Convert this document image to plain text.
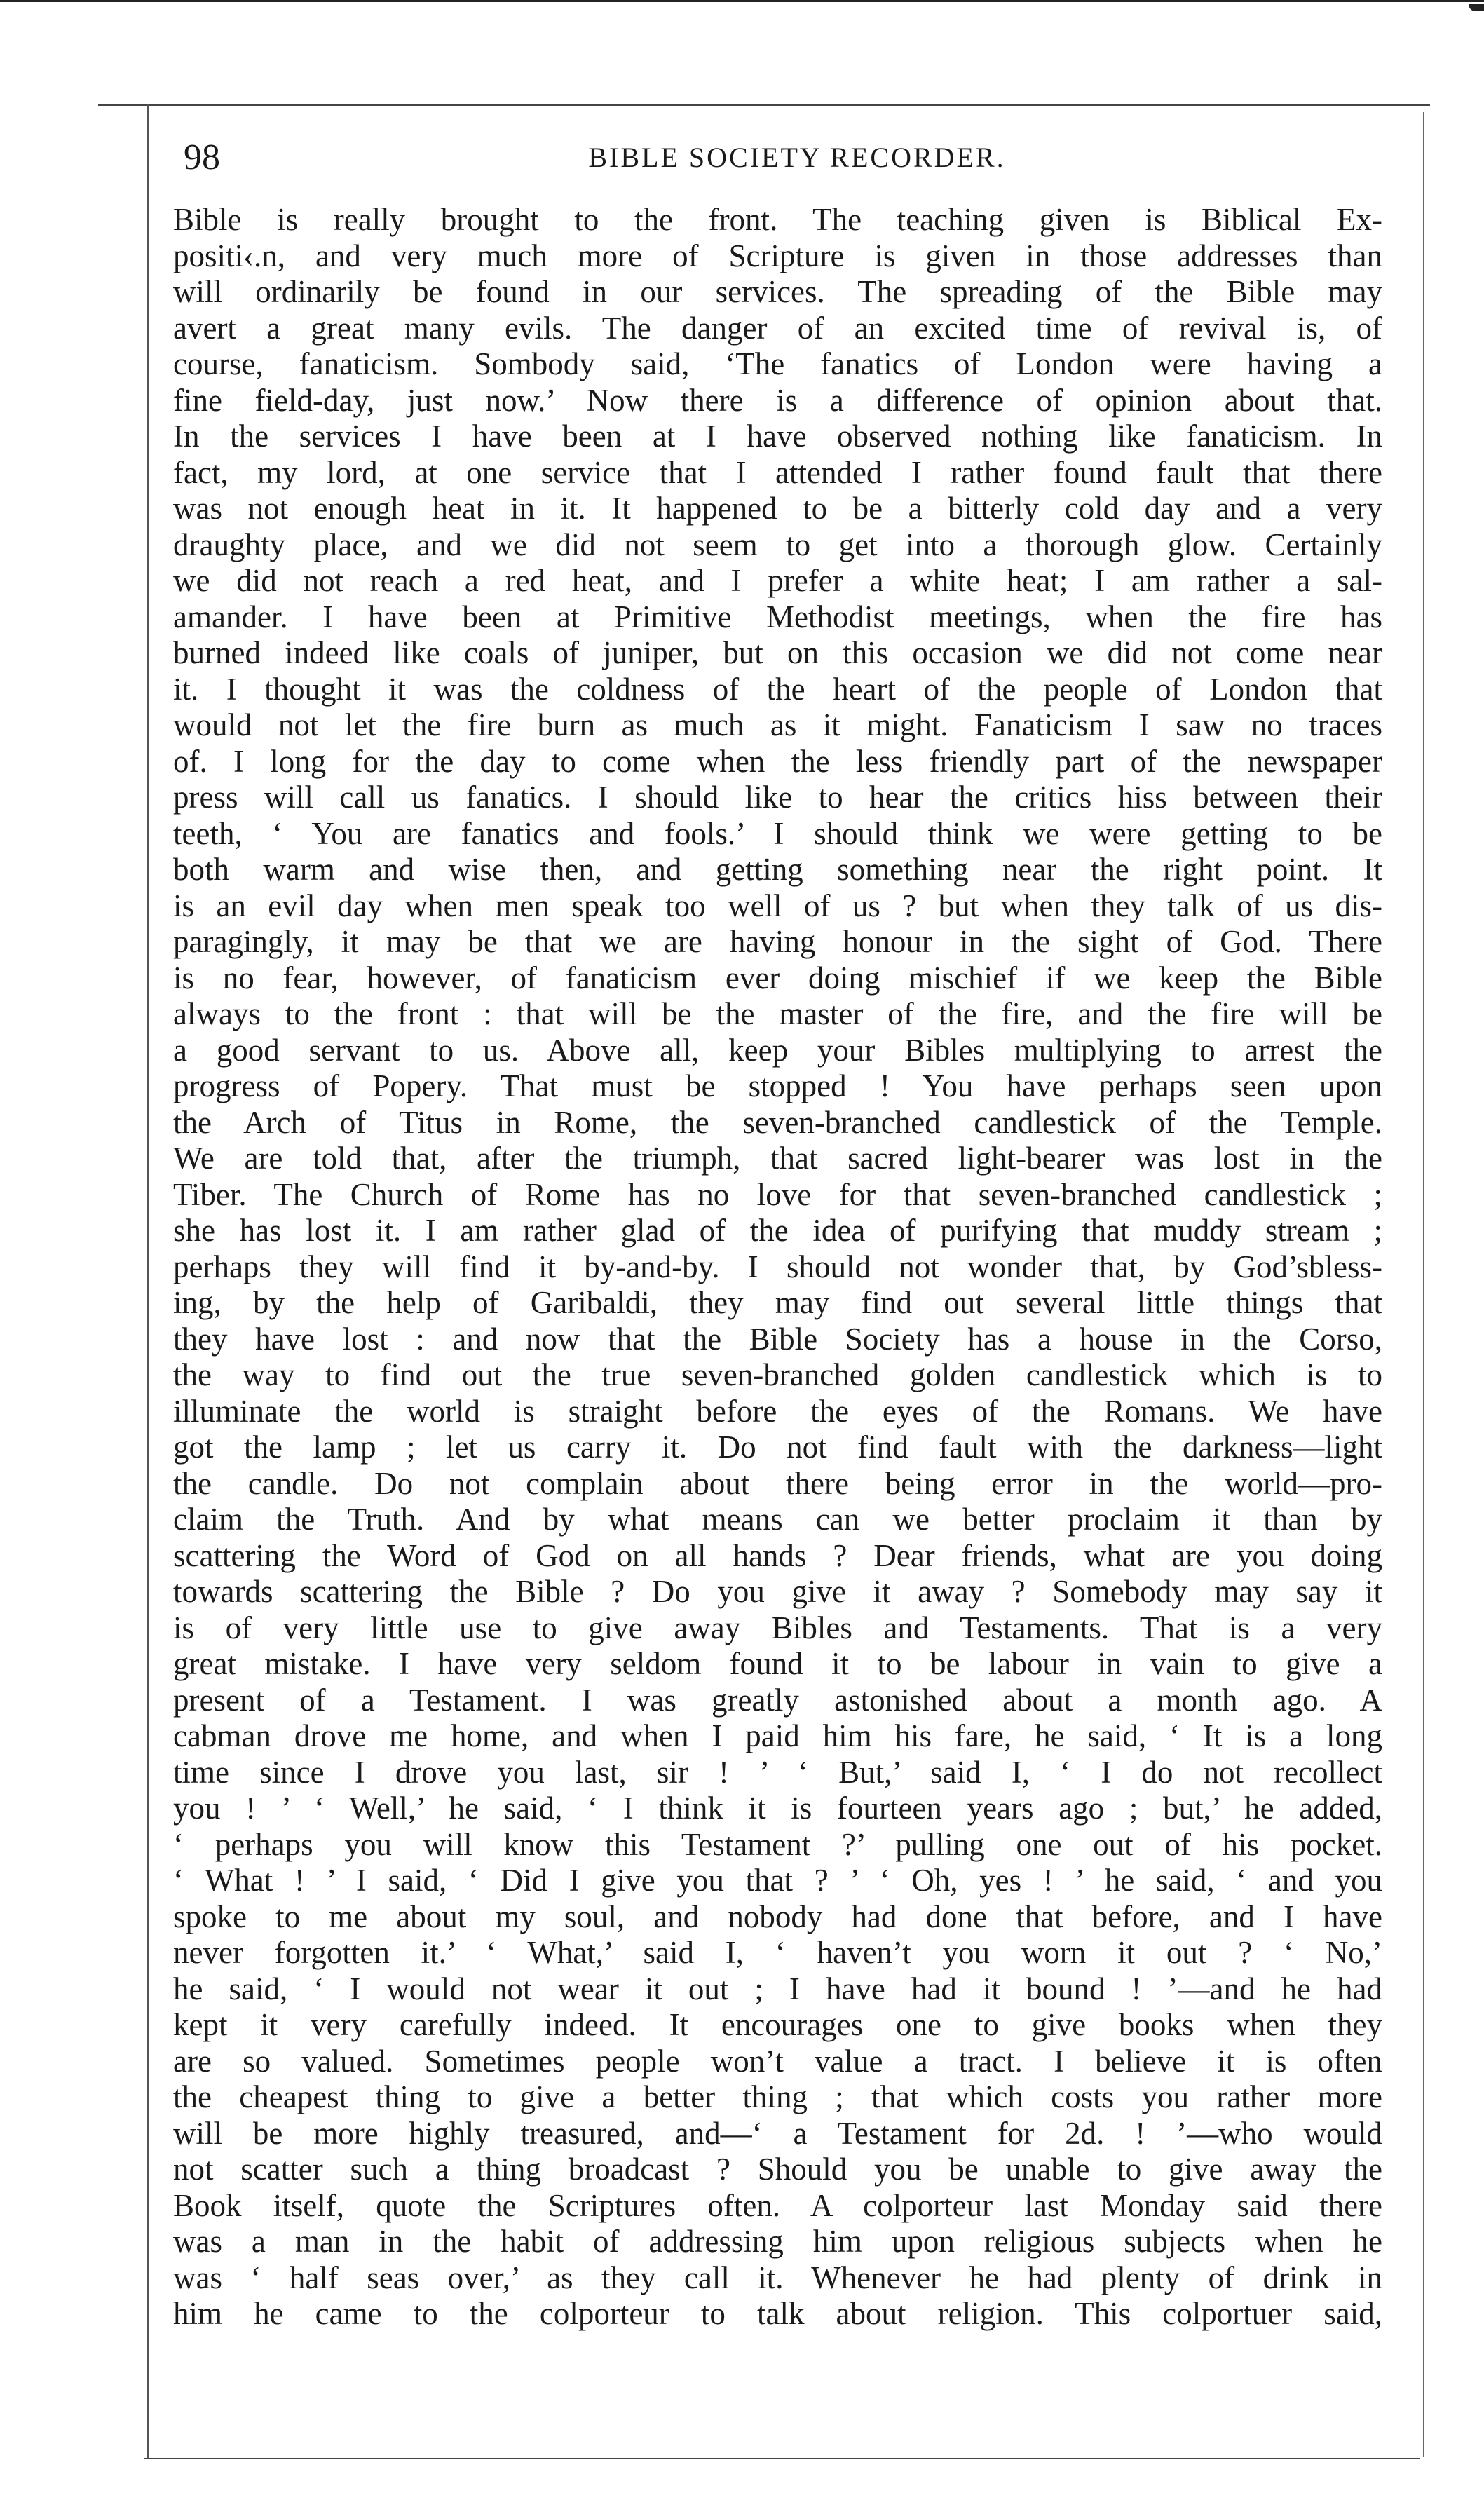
98	BIBLE SOCIETY RECORDER.
Bible is really brought to the front. The teaching given is Biblical Ex-
positi‹.n, and very much more of Scripture is given in those addresses than
will ordinarily be found in our services. The spreading of the Bible may
avert a great many evils. The danger of an excited time of revival is, of
course, fanaticism. Sombody said, ‘The fanatics of London were having a
fine field-day, just now.’ Now there is a difference of opinion about that.
In the services I have been at I have observed nothing like fanaticism. In
fact, my lord, at one service that I attended I rather found fault that there
was not enough heat in it. It happened to be a bitterly cold day and a very
draughty place, and we did not seem to get into a thorough glow. Certainly
we did not reach a red heat, and I prefer a white heat; I am rather a sal-
amander. I have been at Primitive Methodist meetings, when the fire has
burned indeed like coals of juniper, but on this occasion we did not come near
it. I thought it was the coldness of the heart of the people of London that
would not let the fire burn as much as it might. Fanaticism I saw no traces
of. I long for the day to come when the less friendly part of the newspaper
press will call us fanatics. I should like to hear the critics hiss between their
teeth, ‘ You are fanatics and fools.’ I should think we were getting to be
both warm and wise then, and getting something near the right point. It
is an evil day when men speak too well of us ? but when they talk of us dis-
paragingly, it may be that we are having honour in the sight of God. There
is no fear, however, of fanaticism ever doing mischief if we keep the Bible
always to the front : that will be the master of the fire, and the fire will be
a good servant to us. Above all, keep your Bibles multiplying to arrest the
progress of Popery. That must be stopped ! You have perhaps seen upon
the Arch of Titus in Rome, the seven-branched candlestick of the Temple.
We are told that, after the triumph, that sacred light-bearer was lost in the
Tiber. The Church of Rome has no love for that seven-branched candlestick ;
she has lost it. I am rather glad of the idea of purifying that muddy stream ;
perhaps they will find it by-and-by. I should not wonder that, by God’sbless-
ing, by the help of Garibaldi, they may find out several little things that
they have lost : and now that the Bible Society has a house in the Corso,
the way to find out the true seven-branched golden candlestick which is to
illuminate the world is straight before the eyes of the Romans. We have
got the lamp ; let us carry it. Do not find fault with the darkness—light
the candle. Do not complain about there being error in the world—pro-
claim the Truth. And by what means can we better proclaim it than by
scattering the Word of God on all hands ? Dear friends, what are you doing
towards scattering the Bible ? Do you give it away ? Somebody may say it
is of very little use to give away Bibles and Testaments. That is a very
great mistake. I have very seldom found it to be labour in vain to give a
present of a Testament. I was greatly astonished about a month ago. A
cabman drove me home, and when I paid him his fare, he said, ‘ It is a long
time since I drove you last, sir ! ’ ‘ But,’ said I, ‘ I do not recollect
you ! ’ ‘ Well,’ he said, ‘ I think it is fourteen years ago ; but,’ he added,
‘ perhaps you will know this Testament ?’ pulling one out of his pocket.
‘ What ! ’ I said, ‘ Did I give you that ? ’ ‘ Oh, yes ! ’ he said, ‘ and you
spoke to me about my soul, and nobody had done that before, and I have
never forgotten it.’ ‘ What,’ said I, ‘ haven’t you worn it out ? ‘ No,’
he said, ‘ I would not wear it out ; I have had it bound ! ’—and he had
kept it very carefully indeed. It encourages one to give books when they
are so valued. Sometimes people won’t value a tract. I believe it is often
the cheapest thing to give a better thing ; that which costs you rather more
will be more highly treasured, and—‘ a Testament for 2d. ! ’—who would
not scatter such a thing broadcast ? Should you be unable to give away the
Book itself, quote the Scriptures often. A colporteur last Monday said there
was a man in the habit of addressing him upon religious subjects when he
was ‘ half seas over,’ as they call it. Whenever he had plenty of drink in
him he came to the colporteur to talk about religion. This colportuer said,
